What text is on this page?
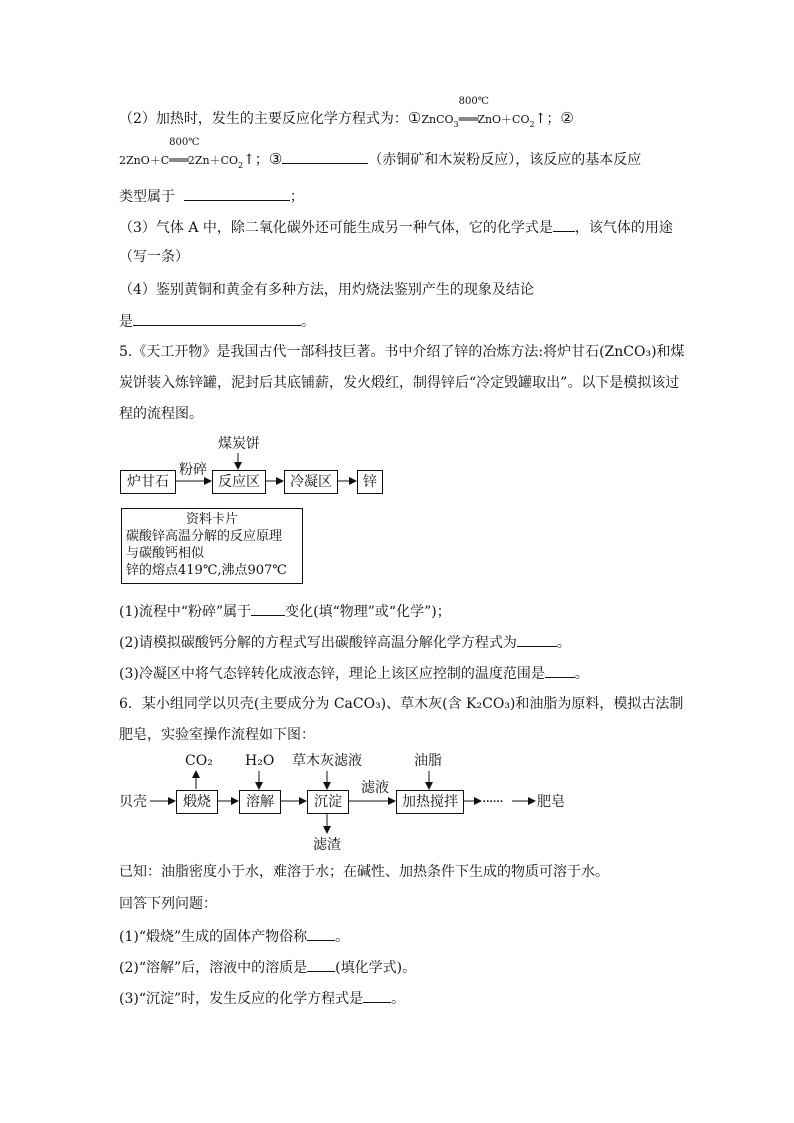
（2）加热时，发生的主要反应化学方程式为：①ZnCO$_3$
800℃
$═══ZnO+CO_2↑$；②
2ZnO＋C
800℃
$═══2Zn+CO_2↑$；③	（赤铜矿和木炭粉反应），该反应的基本反应
类型属于	；
（3）气体 A 中，除二氧化碳外还可能生成另一种气体，它的化学式是 ，该气体的用途
（写一条）
（4）鉴别黄铜和黄金有多种方法，用灼烧法鉴别产生的现象及结论
是	。
5.《天工开物》是我国古代一部科技巨著。书中介绍了锌的冶炼方法:将炉甘石(ZnCO₃)和煤
炭饼装入炼锌罐，泥封后其底铺薪，发火煅红，制得锌后“冷定毁罐取出”。以下是模拟该过
程的流程图。
煤炭饼
粉碎
炉甘石	反应区	冷凝区	锌
资料卡片
碳酸锌高温分解的反应原理
与碳酸钙相似
锌的熔点419℃,沸点907℃
(1)流程中“粉碎”属于 变化(填“物理”或“化学”)；
(2)请模拟碳酸钙分解的方程式写出碳酸锌高温分解化学方程式为	。
(3)冷凝区中将气态锌转化成液态锌，理论上该区应控制的温度范围是 。
6．某小组同学以贝壳(主要成分为 CaCO₃)、草木灰(含 K₂CO₃)和油脂为原料，模拟古法制
肥皂，实验室操作流程如下图：
CO₂ H₂O 草木灰滤液	油脂
贝壳	煅烧	溶解	沉淀
滤液
加热搅拌	······ 肥皂
滤渣
已知：油脂密度小于水，难溶于水；在碱性、加热条件下生成的物质可溶于水。
回答下列问题：
(1)“煅烧”生成的固体产物俗称 。
(2)“溶解”后，溶液中的溶质是 (填化学式)。
(3)“沉淀”时，发生反应的化学方程式是 。
